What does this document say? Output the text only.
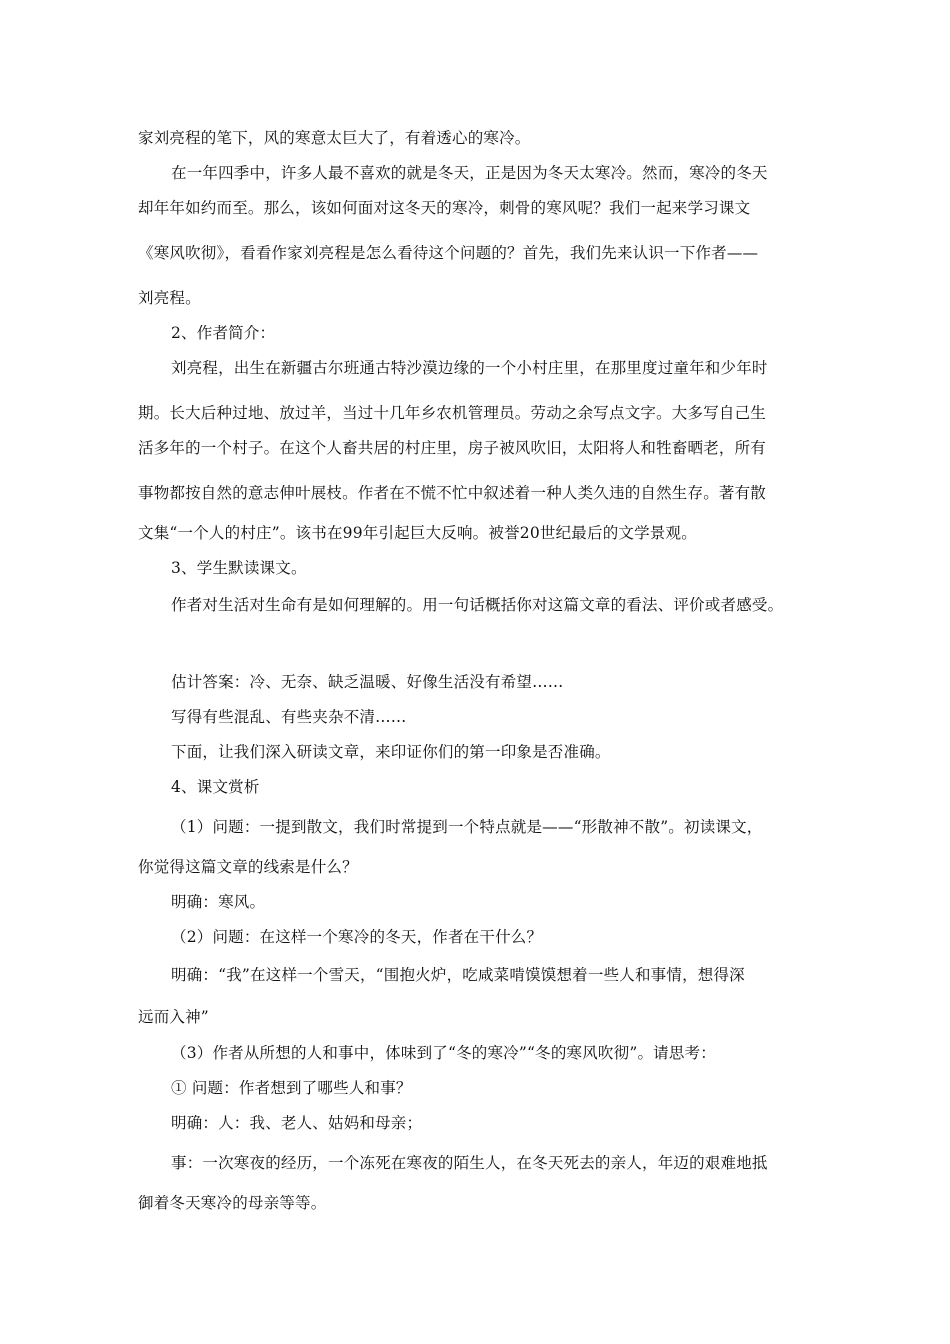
家刘亮程的笔下，风的寒意太巨大了，有着透心的寒冷。
在一年四季中，许多人最不喜欢的就是冬天，正是因为冬天太寒冷。然而，寒冷的冬天
却年年如约而至。那么，该如何面对这冬天的寒冷，刺骨的寒风呢？我们一起来学习课文
《寒风吹彻》，看看作家刘亮程是怎么看待这个问题的？首先，我们先来认识一下作者——
刘亮程。
2、作者简介：
刘亮程，出生在新疆古尔班通古特沙漠边缘的一个小村庄里，在那里度过童年和少年时
期。长大后种过地、放过羊，当过十几年乡农机管理员。劳动之余写点文字。大多写自己生
活多年的一个村子。在这个人畜共居的村庄里，房子被风吹旧，太阳将人和牲畜晒老，所有
事物都按自然的意志伸叶展枝。作者在不慌不忙中叙述着一种人类久违的自然生存。著有散
文集“一个人的村庄”。该书在99年引起巨大反响。被誉20世纪最后的文学景观。
3、学生默读课文。
作者对生活对生命有是如何理解的。用一句话概括你对这篇文章的看法、评价或者感受。
估计答案：冷、无奈、缺乏温暖、好像生活没有希望……
写得有些混乱、有些夹杂不清……
下面，让我们深入研读文章，来印证你们的第一印象是否准确。
4、课文赏析
（1）问题：一提到散文，我们时常提到一个特点就是——“形散神不散”。初读课文，
你觉得这篇文章的线索是什么？
明确：寒风。
（2）问题：在这样一个寒冷的冬天，作者在干什么？
明确：“我”在这样一个雪天，“围抱火炉，吃咸菜啃馍馍想着一些人和事情，想得深
远而入神”
（3）作者从所想的人和事中，体味到了“冬的寒冷”“冬的寒风吹彻”。请思考：
① 问题：作者想到了哪些人和事？
明确：人：我、老人、姑妈和母亲；
事：一次寒夜的经历，一个冻死在寒夜的陌生人，在冬天死去的亲人，年迈的艰难地抵
御着冬天寒冷的母亲等等。
